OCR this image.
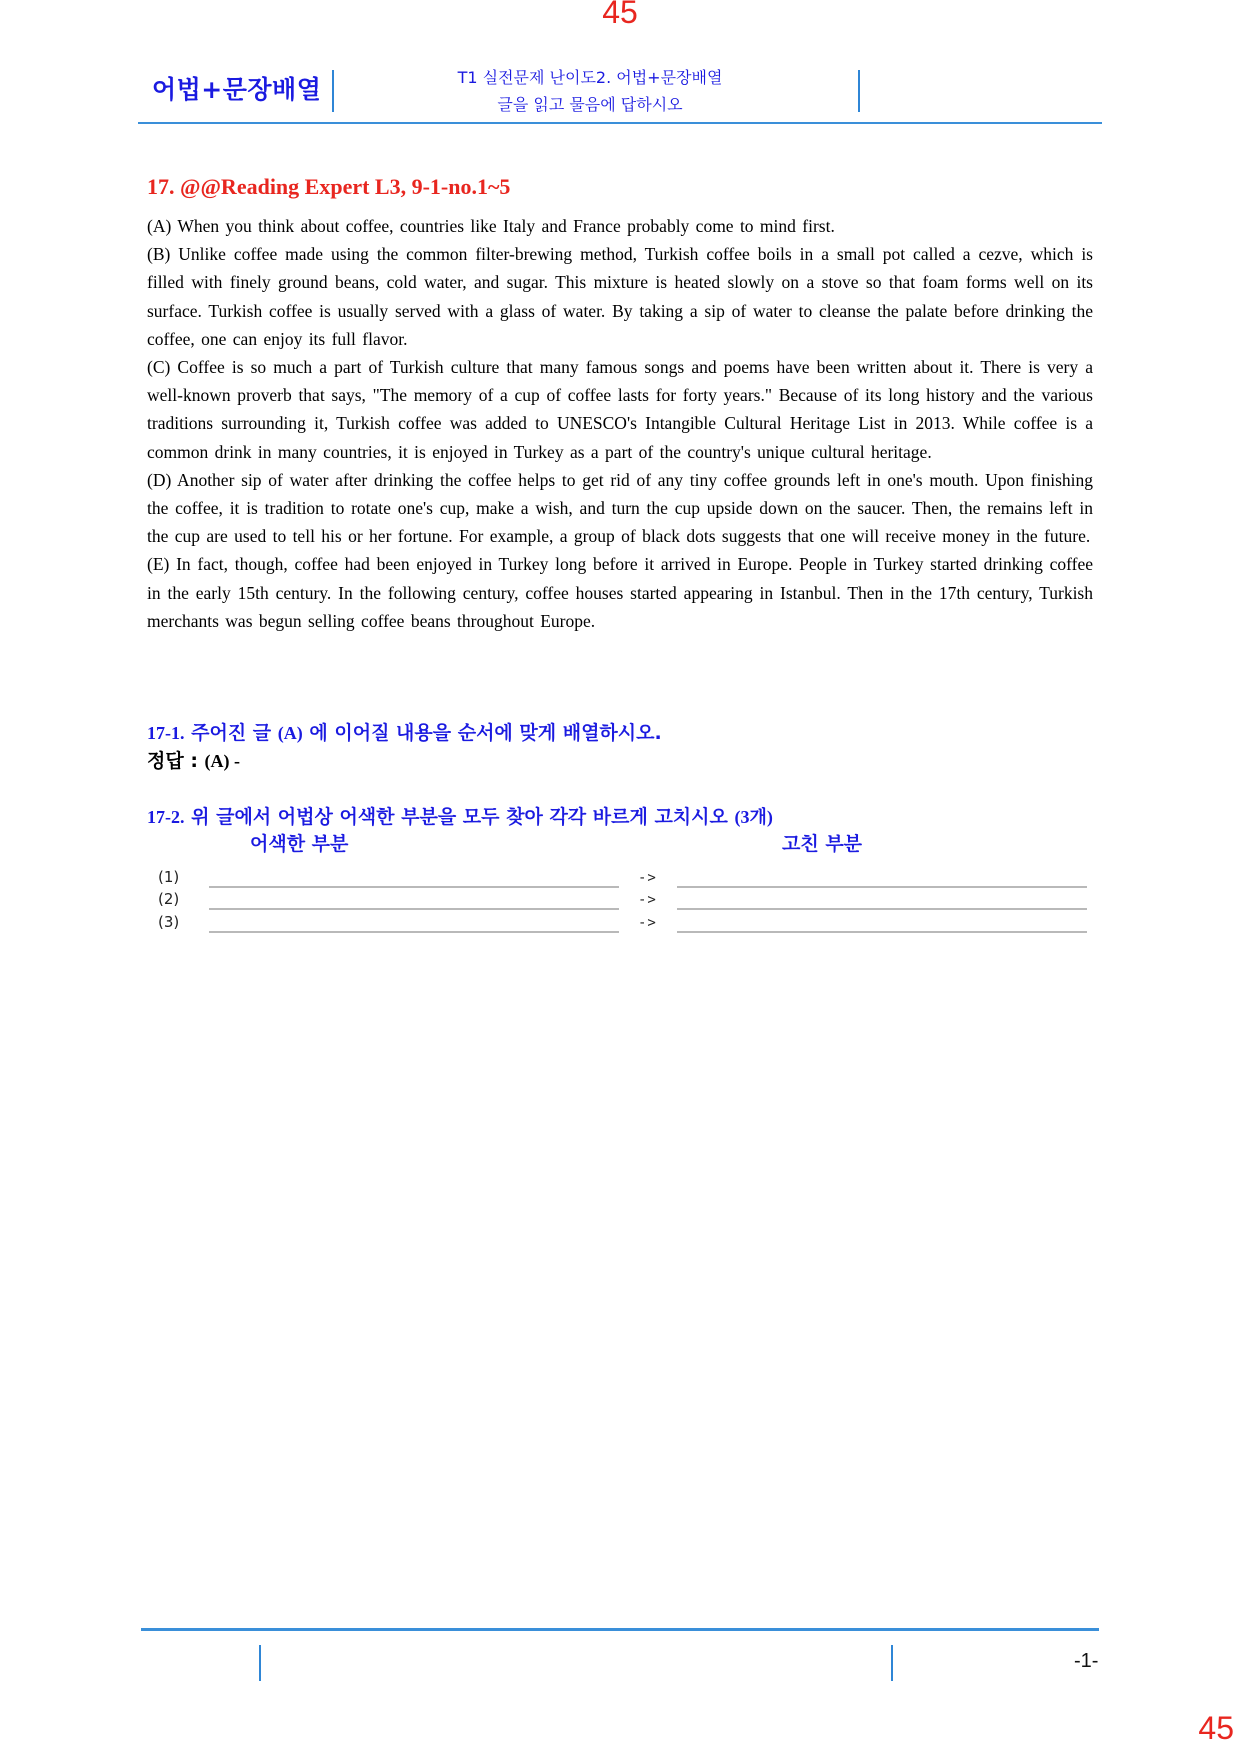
45
어법+문장배열	T1 실전문제 난이도2. 어법+문장배열
글을 읽고 물음에 답하시오
17. @@Reading Expert L3, 9-1-no.1~5

(A) When you think about coffee, countries like Italy and France probably come to mind first.

(B) Unlike coffee made using the common filter-brewing method, Turkish coffee boils in a small pot called a cezve, which is filled with finely ground beans, cold water, and sugar. This mixture is heated slowly on a stove so that foam forms well on its surface. Turkish coffee is usually served with a glass of water. By taking a sip of water to cleanse the palate before drinking the coffee, one can enjoy its full flavor.

(C) Coffee is so much a part of Turkish culture that many famous songs and poems have been written about it. There is very a well-known proverb that says, "The memory of a cup of coffee lasts for forty years." Because of its long history and the various traditions surrounding it, Turkish coffee was added to UNESCO's Intangible Cultural Heritage List in 2013. While coffee is a common drink in many countries, it is enjoyed in Turkey as a part of the country's unique cultural heritage.

(D) Another sip of water after drinking the coffee helps to get rid of any tiny coffee grounds left in one's mouth. Upon finishing the coffee, it is tradition to rotate one's cup, make a wish, and turn the cup upside down on the saucer. Then, the remains left in the cup are used to tell his or her fortune. For example, a group of black dots suggests that one will receive money in the future.

(E) In fact, though, coffee had been enjoyed in Turkey long before it arrived in Europe. People in Turkey started drinking coffee in the early 15th century. In the following century, coffee houses started appearing in Istanbul. Then in the 17th century, Turkish merchants was begun selling coffee beans throughout Europe.

17-1. 주어진 글 (A) 에 이어질 내용을 순서에 맞게 배열하시오.
정답 : (A) -
17-2. 위 글에서 어법상 어색한 부분을 모두 찾아 각각 바르게 고치시오 (3개)
어색한 부분	고친 부분
(1)	->
(2)	->
(3)	->
-1-
45
